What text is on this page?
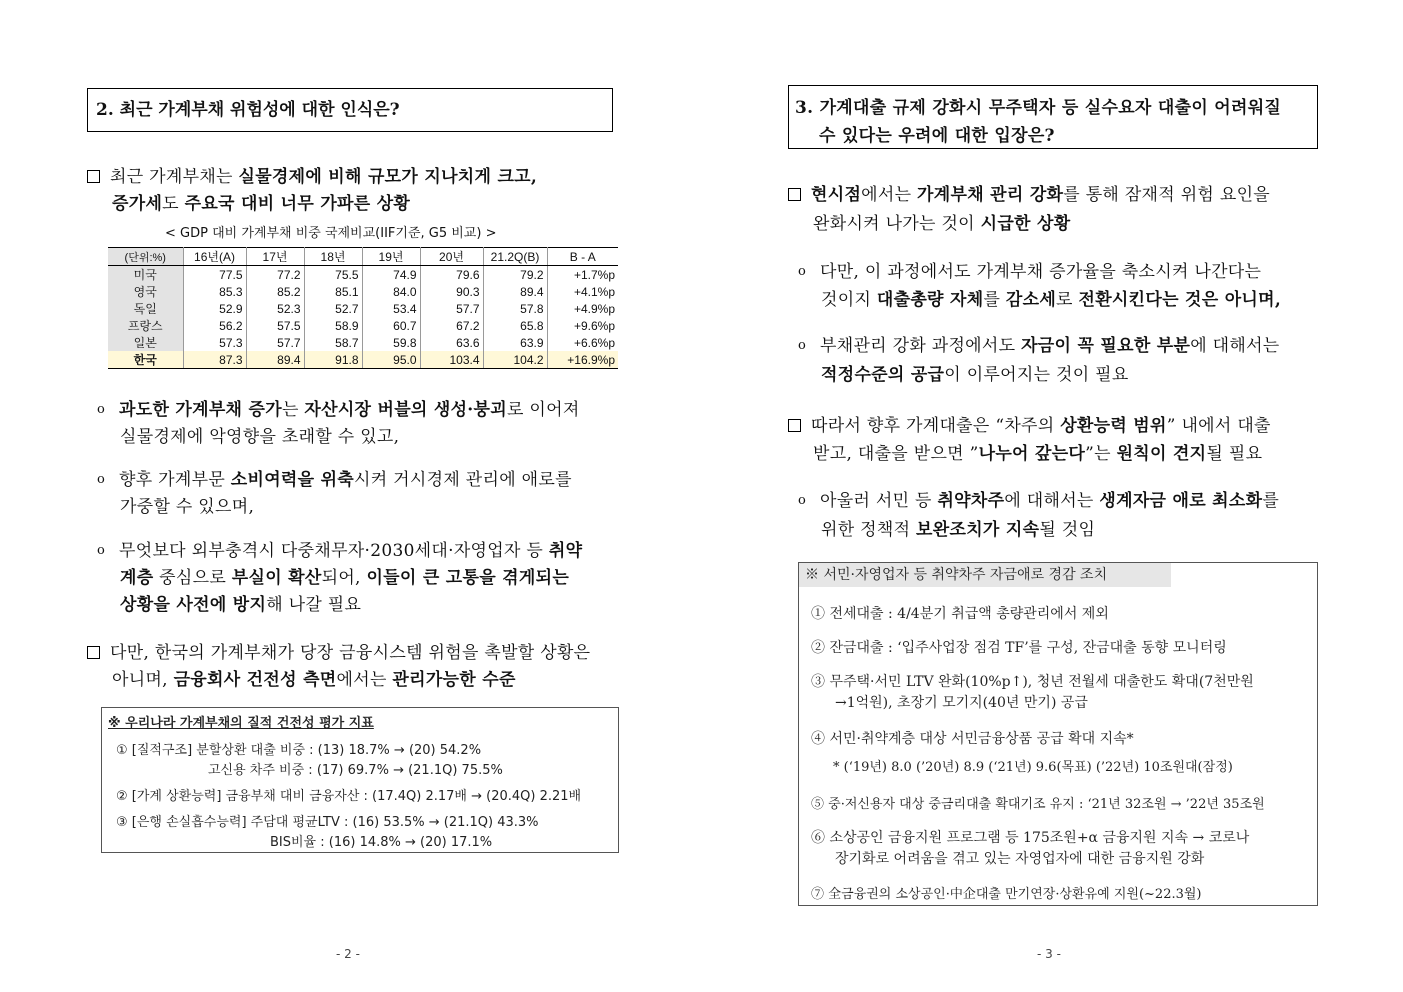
2. 최근 가계부채 위험성에 대한 인식은?
최근 가계부채는 실물경제에 비해 규모가 지나치게 크고,
증가세도 주요국 대비 너무 가파른 상황
< GDP 대비 가계부채 비중 국제비교(IIF기준, G5 비교) >
(단위:%)	16년(A)	17년	18년	19년	20년	21.2Q(B)	B - A
미국	77.5	77.2	75.5	74.9	79.6	79.2	+1.7%p
영국	85.3	85.2	85.1	84.0	90.3	89.4	+4.1%p
독일	52.9	52.3	52.7	53.4	57.7	57.8	+4.9%p
프랑스	56.2	57.5	58.9	60.7	67.2	65.8	+9.6%p
일본	57.3	57.7	58.7	59.8	63.6	63.9	+6.6%p
한국	87.3	89.4	91.8	95.0	103.4	104.2	+16.9%p
o 과도한 가계부채 증가는 자산시장 버블의 생성·붕괴로 이어져
실물경제에 악영향을 초래할 수 있고,
o 향후 가계부문 소비여력을 위축시켜 거시경제 관리에 애로를
가중할 수 있으며,
o 무엇보다 외부충격시 다중채무자·2030세대·자영업자 등 취약
계층 중심으로 부실이 확산되어, 이들이 큰 고통을 겪게되는
상황을 사전에 방지해 나갈 필요
다만, 한국의 가계부채가 당장 금융시스템 위험을 촉발할 상황은
아니며, 금융회사 건전성 측면에서는 관리가능한 수준
※ 우리나라 가계부채의 질적 건전성 평가 지표
① [질적구조] 분할상환 대출 비중 : (13) 18.7% → (20) 54.2%
고신용 차주 비중 : (17) 69.7% → (21.1Q) 75.5%
② [가계 상환능력] 금융부채 대비 금융자산 : (17.4Q) 2.17배 → (20.4Q) 2.21배
③ [은행 손실흡수능력] 주담대 평균LTV : (16) 53.5% → (21.1Q) 43.3%
BIS비율 : (16) 14.8% → (20) 17.1%
- 2 -
3. 가계대출 규제 강화시 무주택자 등 실수요자 대출이 어려워질
수 있다는 우려에 대한 입장은?
현시점에서는 가계부채 관리 강화를 통해 잠재적 위험 요인을
완화시켜 나가는 것이 시급한 상황
o 다만, 이 과정에서도 가계부채 증가율을 축소시켜 나간다는
것이지 대출총량 자체를 감소세로 전환시킨다는 것은 아니며,
o 부채관리 강화 과정에서도 자금이 꼭 필요한 부분에 대해서는
적정수준의 공급이 이루어지는 것이 필요
따라서 향후 가계대출은 “차주의 상환능력 범위” 내에서 대출
받고, 대출을 받으면 ”나누어 갚는다”는 원칙이 견지될 필요
o 아울러 서민 등 취약차주에 대해서는 생계자금 애로 최소화를
위한 정책적 보완조치가 지속될 것임
※ 서민·자영업자 등 취약차주 자금애로 경감 조치
① 전세대출 : 4/4분기 취급액 총량관리에서 제외
② 잔금대출 : ‘입주사업장 점검 TF’를 구성, 잔금대출 동향 모니터링
③ 무주택·서민 LTV 완화(10%p↑), 청년 전월세 대출한도 확대(7천만원
→1억원), 초장기 모기지(40년 만기) 공급
④ 서민·취약계층 대상 서민금융상품 공급 확대 지속*
* (‘19년) 8.0 (’20년) 8.9 (‘21년) 9.6(목표) (’22년) 10조원대(잠정)
⑤ 중·저신용자 대상 중금리대출 확대기조 유지 : ‘21년 32조원 → ’22년 35조원
⑥ 소상공인 금융지원 프로그램 등 175조원+α 금융지원 지속 → 코로나
장기화로 어려움을 겪고 있는 자영업자에 대한 금융지원 강화
⑦ 全금융권의 소상공인·中企대출 만기연장·상환유예 지원(~22.3월)
- 3 -
